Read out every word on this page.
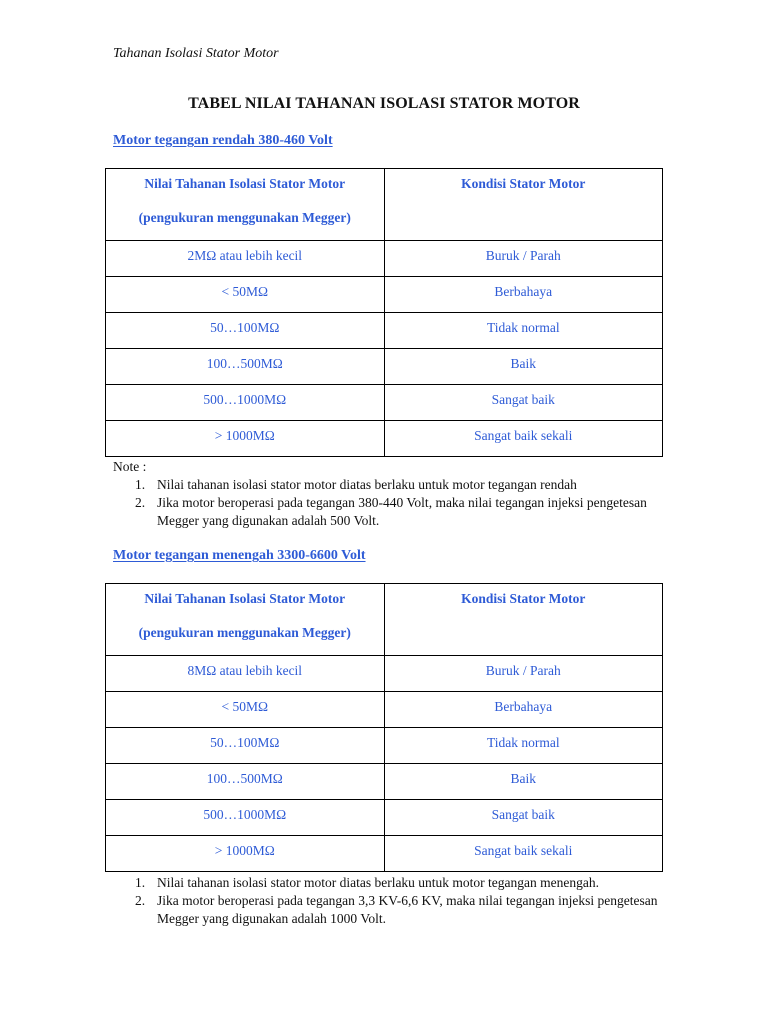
Tahanan Isolasi Stator Motor
TABEL NILAI TAHANAN ISOLASI STATOR MOTOR
Motor tegangan rendah 380-460 Volt
Nilai Tahanan Isolasi Stator Motor
(pengukuran menggunakan Megger)	Kondisi Stator Motor
2MΩ atau lebih kecil	Buruk / Parah
< 50MΩ	Berbahaya
50…100MΩ	Tidak normal
100…500MΩ	Baik
500…1000MΩ	Sangat baik
> 1000MΩ	Sangat baik sekali
Note :
1. Nilai tahanan isolasi stator motor diatas berlaku untuk motor tegangan rendah
2. Jika motor beroperasi pada tegangan 380-440 Volt, maka nilai tegangan injeksi pengetesan Megger yang digunakan adalah 500 Volt.
Motor tegangan menengah 3300-6600 Volt
Nilai Tahanan Isolasi Stator Motor
(pengukuran menggunakan Megger)	Kondisi Stator Motor
8MΩ atau lebih kecil	Buruk / Parah
< 50MΩ	Berbahaya
50…100MΩ	Tidak normal
100…500MΩ	Baik
500…1000MΩ	Sangat baik
> 1000MΩ	Sangat baik sekali
1. Nilai tahanan isolasi stator motor diatas berlaku untuk motor tegangan menengah.
2. Jika motor beroperasi pada tegangan 3,3 KV-6,6 KV, maka nilai tegangan injeksi pengetesan Megger yang digunakan adalah 1000 Volt.
